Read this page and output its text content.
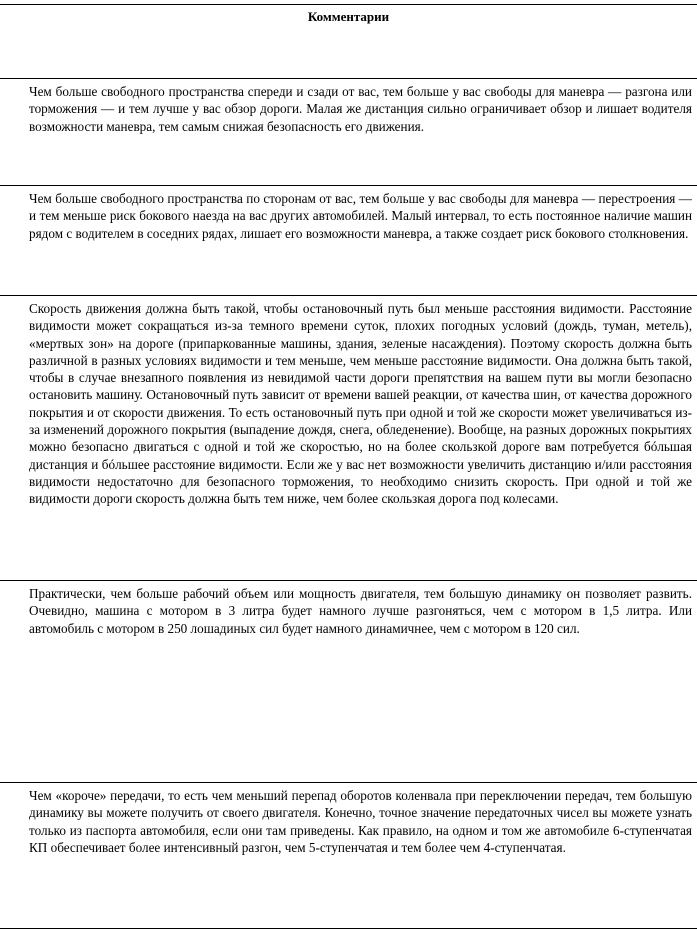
Комментарии
Чем больше свободного пространства спереди и сзади от вас, тем больше у вас свободы для маневра — разгона или торможения — и тем лучше у вас обзор дороги. Малая же дистанция сильно ограничивает обзор и лишает водителя возможности маневра, тем самым снижая безопасность его движения.
Чем больше свободного пространства по сторонам от вас, тем больше у вас свободы для маневра — перестроения — и тем меньше риск бокового наезда на вас других автомобилей. Малый интервал, то есть постоянное наличие машин рядом с водителем в соседних рядах, лишает его возможности маневра, а также создает риск бокового столкновения.
Скорость движения должна быть такой, чтобы остановочный путь был меньше расстояния видимости. Расстояние видимости может сокращаться из-за темного времени суток, плохих погодных условий (дождь, туман, метель), «мертвых зон» на дороге (припаркованные машины, здания, зеленые насаждения). Поэтому скорость должна быть различной в разных условиях видимости и тем меньше, чем меньше расстояние видимости. Она должна быть такой, чтобы в случае внезапного появления из невидимой части дороги препятствия на вашем пути вы могли безопасно остановить машину. Остановочный путь зависит от времени вашей реакции, от качества шин, от качества дорожного покрытия и от скорости движения. То есть остановочный путь при одной и той же скорости может увеличиваться из-за изменений дорожного покрытия (выпадение дождя, снега, обледенение). Вообще, на разных дорожных покрытиях можно безопасно двигаться с одной и той же скоростью, но на более скользкой дороге вам потребуется бóльшая дистанция и бóльшее расстояние видимости. Если же у вас нет возможности увеличить дистанцию и/или расстояния видимости недостаточно для безопасного торможения, то необходимо снизить скорость. При одной и той же видимости дороги скорость должна быть тем ниже, чем более скользкая дорога под колесами.
Практически, чем больше рабочий объем или мощность двигателя, тем большую динамику он позволяет развить. Очевидно, машина с мотором в 3 литра будет намного лучше разгоняться, чем с мотором в 1,5 литра. Или автомобиль с мотором в 250 лошадиных сил будет намного динамичнее, чем с мотором в 120 сил.
Чем «короче» передачи, то есть чем меньший перепад оборотов коленвала при переключении передач, тем большую динамику вы можете получить от своего двигателя. Конечно, точное значение передаточных чисел вы можете узнать только из паспорта автомобиля, если они там приведены. Как правило, на одном и том же автомобиле 6-ступенчатая КП обеспечивает более интенсивный разгон, чем 5-ступенчатая и тем более чем 4-ступенчатая.
